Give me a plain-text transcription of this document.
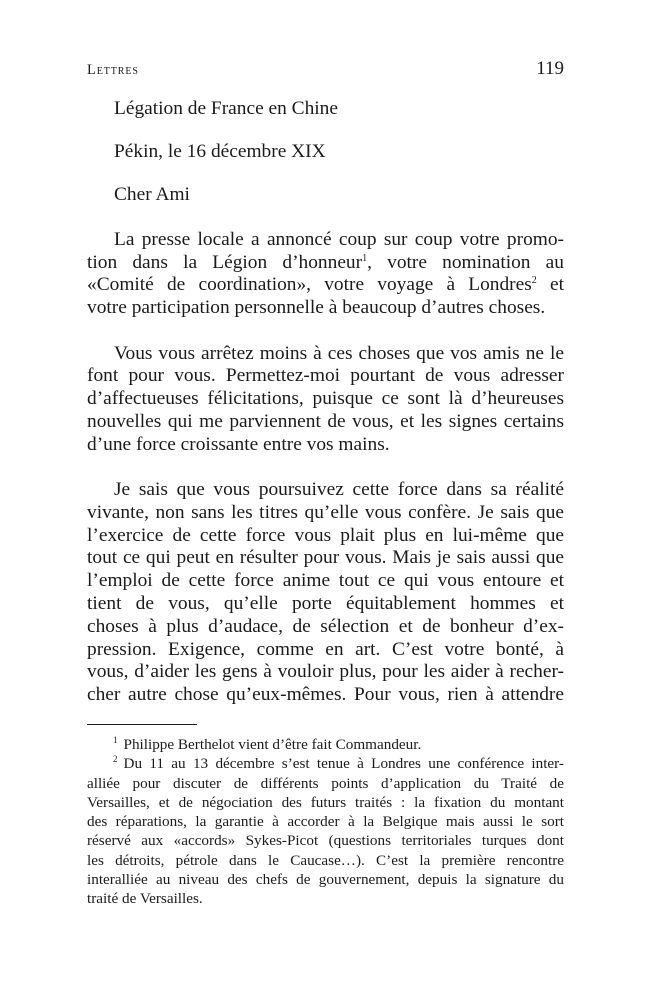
Lettres	119
Légation de France en Chine
Pékin, le 16 décembre XIX
Cher Ami
La presse locale a annoncé coup sur coup votre promo-
tion dans la Légion d’honneur$^1$, votre nomination au
«Comité de coordination», votre voyage à Londres$^2$ et
votre participation personnelle à beaucoup d’autres choses.
Vous vous arrêtez moins à ces choses que vos amis ne le
font pour vous. Permettez-moi pourtant de vous adresser
d’affectueuses félicitations, puisque ce sont là d’heureuses
nouvelles qui me parviennent de vous, et les signes certains
d’une force croissante entre vos mains.
Je sais que vous poursuivez cette force dans sa réalité
vivante, non sans les titres qu’elle vous confère. Je sais que
l’exercice de cette force vous plait plus en lui-même que
tout ce qui peut en résulter pour vous. Mais je sais aussi que
l’emploi de cette force anime tout ce qui vous entoure et
tient de vous, qu’elle porte équitablement hommes et
choses à plus d’audace, de sélection et de bonheur d’ex-
pression. Exigence, comme en art. C’est votre bonté, à
vous, d’aider les gens à vouloir plus, pour les aider à recher-
cher autre chose qu’eux-mêmes. Pour vous, rien à attendre
$^1$ Philippe Berthelot vient d’être fait Commandeur.
$^2$ Du 11 au 13 décembre s’est tenue à Londres une conférence inter-
alliée pour discuter de différents points d’application du Traité de
Versailles, et de négociation des futurs traités : la fixation du montant
des réparations, la garantie à accorder à la Belgique mais aussi le sort
réservé aux «accords» Sykes-Picot (questions territoriales turques dont
les détroits, pétrole dans le Caucase…). C’est la première rencontre
interalliée au niveau des chefs de gouvernement, depuis la signature du
traité de Versailles.
